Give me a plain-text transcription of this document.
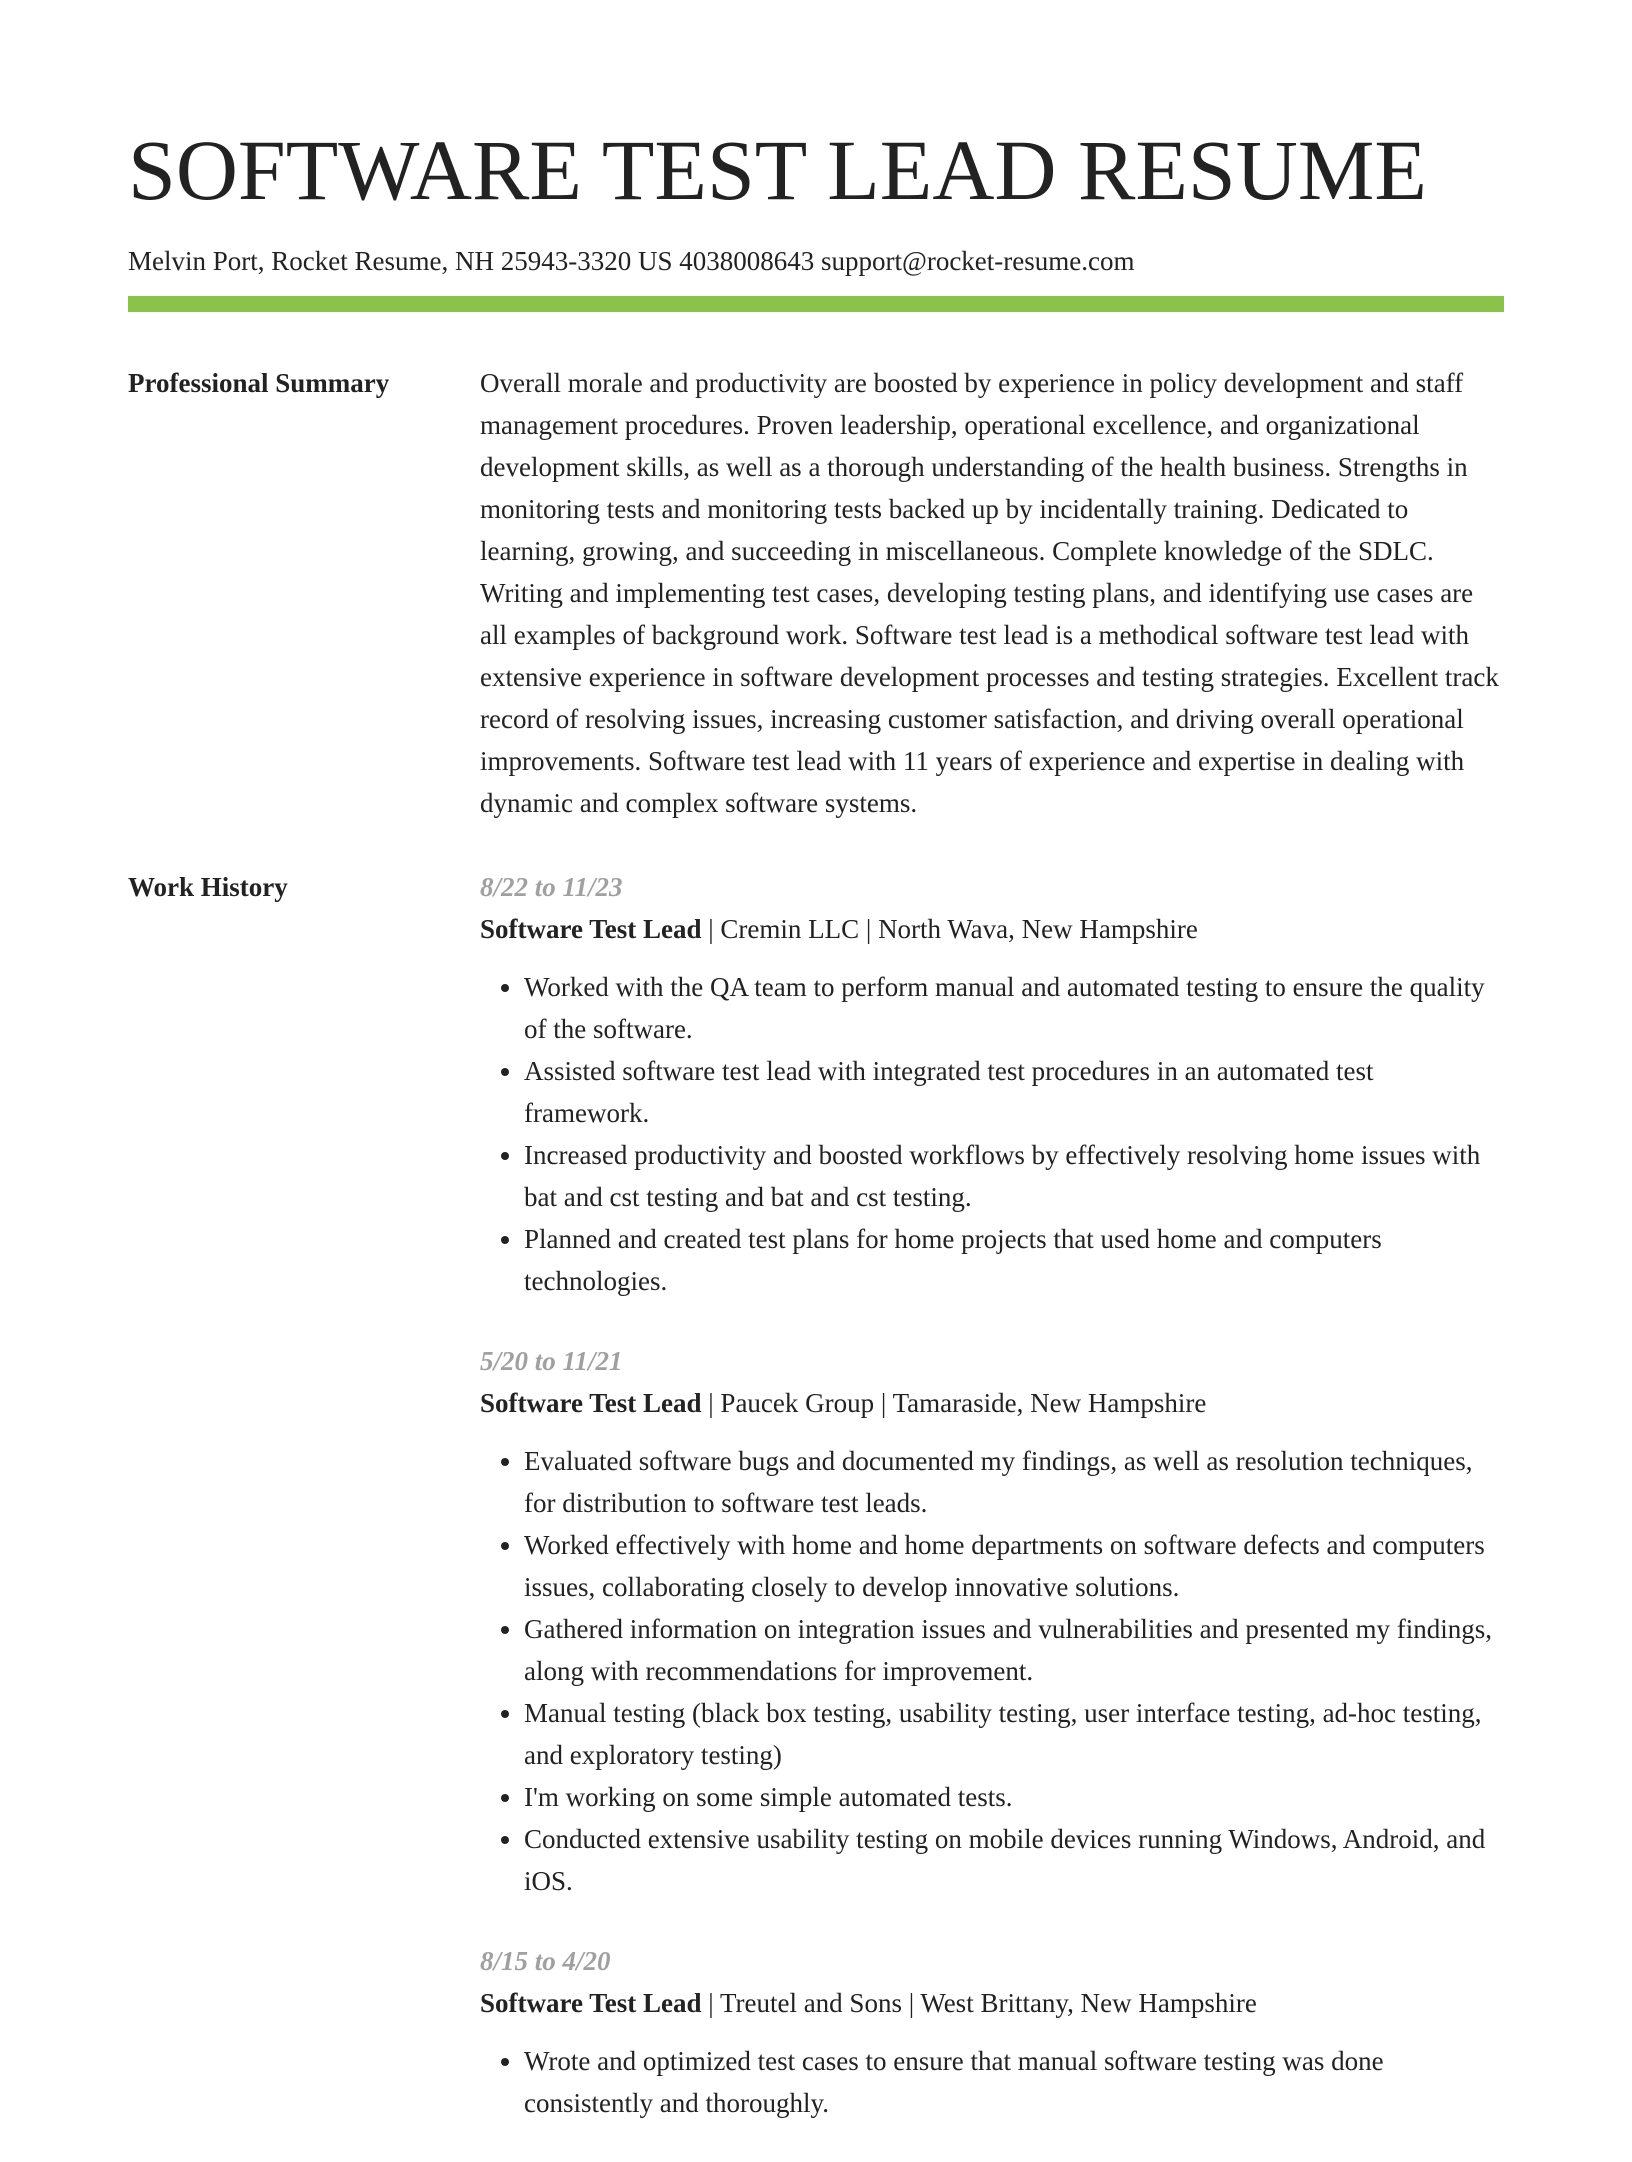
SOFTWARE TEST LEAD RESUME
Melvin Port, Rocket Resume, NH 25943-3320 US 4038008643 support@rocket-resume.com
Professional Summary	Overall morale and productivity are boosted by experience in policy development and staff management procedures. Proven leadership, operational excellence, and organizational development skills, as well as a thorough understanding of the health business. Strengths in monitoring tests and monitoring tests backed up by incidentally training. Dedicated to learning, growing, and succeeding in miscellaneous. Complete knowledge of the SDLC. Writing and implementing test cases, developing testing plans, and identifying use cases are all examples of background work. Software test lead is a methodical software test lead with extensive experience in software development processes and testing strategies. Excellent track record of resolving issues, increasing customer satisfaction, and driving overall operational improvements. Software test lead with 11 years of experience and expertise in dealing with dynamic and complex software systems.

Work History	8/22 to 11/23
Software Test Lead | Cremin LLC | North Wava, New Hampshire
• Worked with the QA team to perform manual and automated testing to ensure the quality of the software.
• Assisted software test lead with integrated test procedures in an automated test framework.
• Increased productivity and boosted workflows by effectively resolving home issues with bat and cst testing and bat and cst testing.
• Planned and created test plans for home projects that used home and computers technologies.
5/20 to 11/21
Software Test Lead | Paucek Group | Tamaraside, New Hampshire
• Evaluated software bugs and documented my findings, as well as resolution techniques, for distribution to software test leads.
• Worked effectively with home and home departments on software defects and computers issues, collaborating closely to develop innovative solutions.
• Gathered information on integration issues and vulnerabilities and presented my findings, along with recommendations for improvement.
• Manual testing (black box testing, usability testing, user interface testing, ad-hoc testing, and exploratory testing)
• I'm working on some simple automated tests.
• Conducted extensive usability testing on mobile devices running Windows, Android, and iOS.
8/15 to 4/20
Software Test Lead | Treutel and Sons | West Brittany, New Hampshire
• Wrote and optimized test cases to ensure that manual software testing was done consistently and thoroughly.
